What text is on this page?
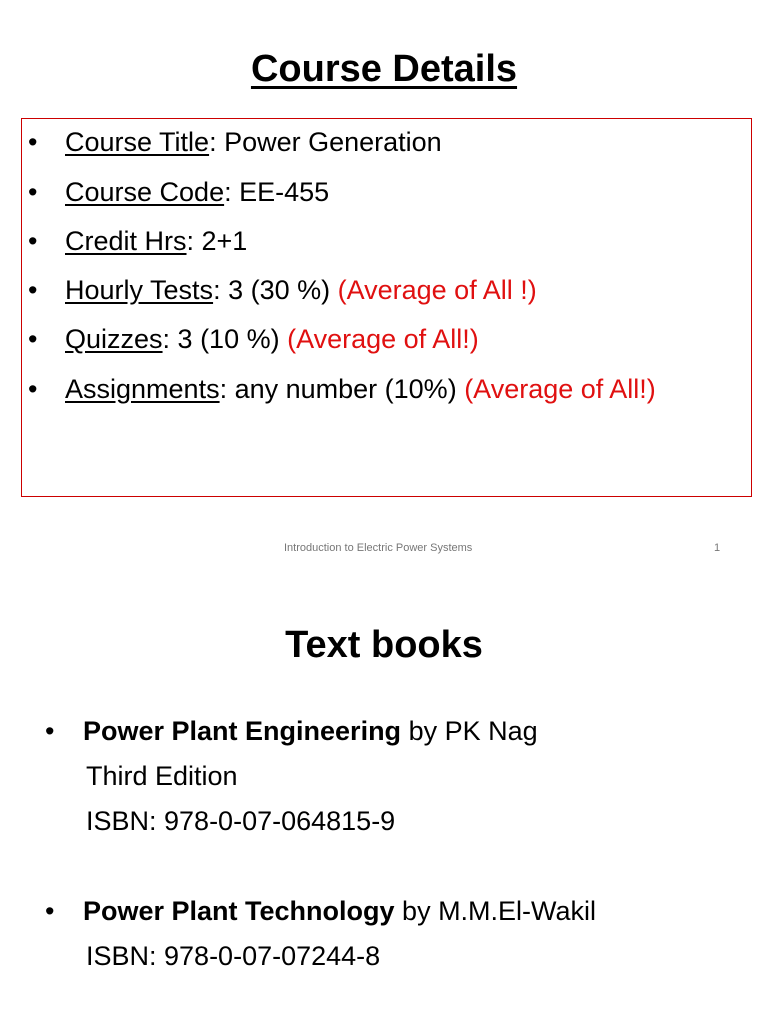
Course Details
• Course Title: Power Generation
• Course Code: EE-455
• Credit Hrs: 2+1
• Hourly Tests: 3 (30 %) (Average of All !)
• Quizzes: 3 (10 %) (Average of All!)
• Assignments: any number (10%) (Average of All!)
Introduction to Electric Power Systems	1
Text books
• Power Plant Engineering by PK Nag
Third Edition
ISBN: 978-0-07-064815-9
• Power Plant Technology by M.M.El-Wakil
ISBN: 978-0-07-07244-8
